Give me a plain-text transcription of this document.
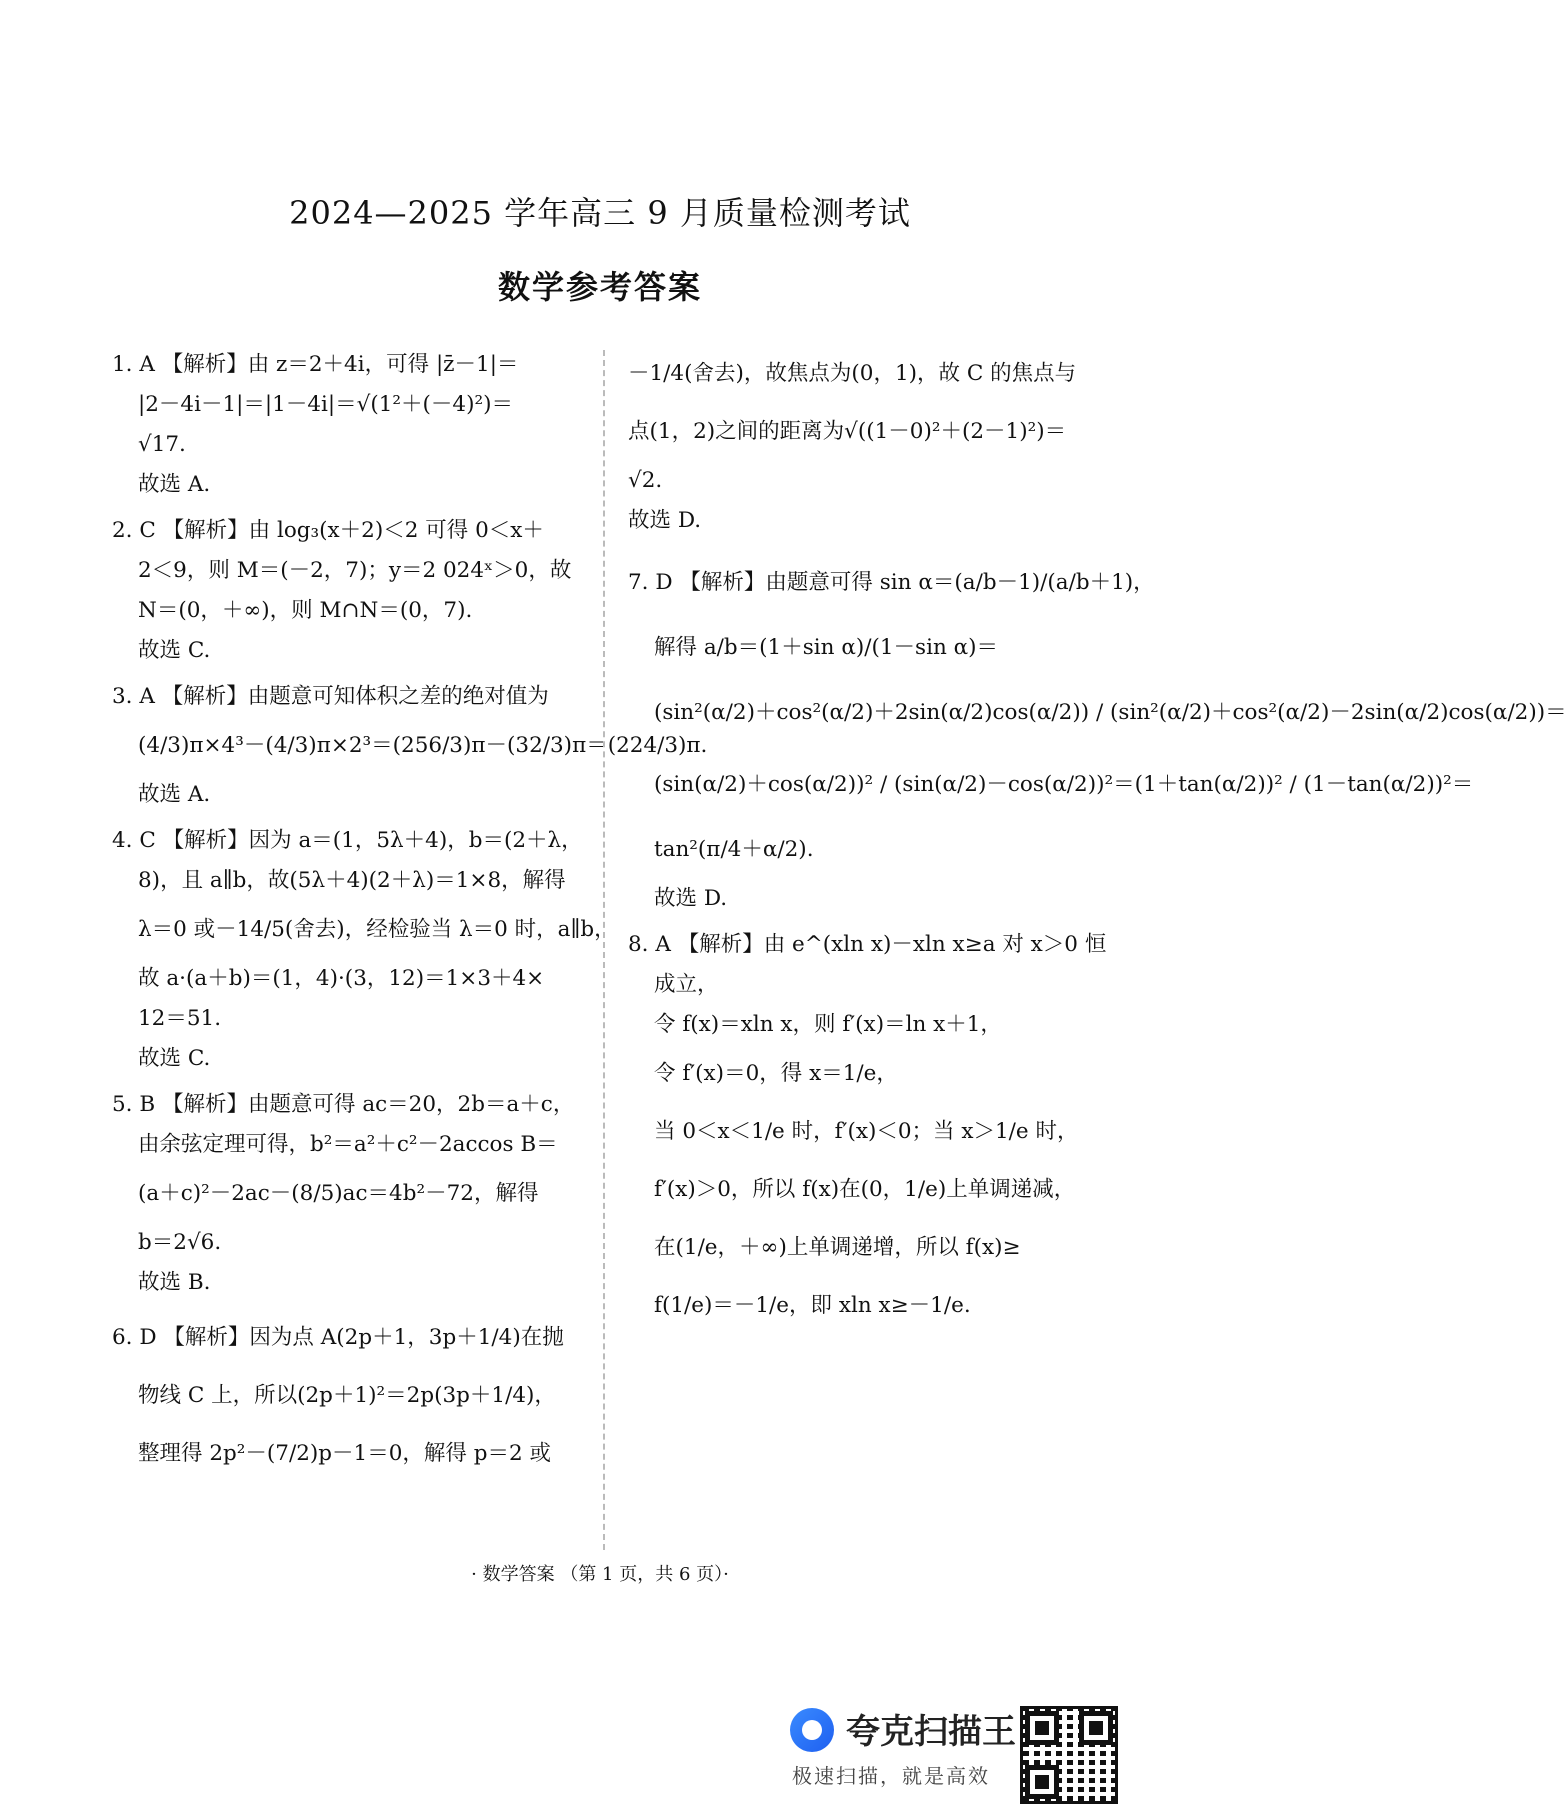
2024—2025 学年高三 9 月质量检测考试
数学参考答案
1. A 【解析】由 z＝2＋4i，可得 |z̄－1|＝
|2－4i－1|＝|1－4i|＝√(1²＋(－4)²)＝
√17.
故选 A.
2. C 【解析】由 log₃(x＋2)＜2 可得 0＜x＋
2＜9，则 M＝(－2，7)；y＝2 024ˣ＞0，故
N＝(0，＋∞)，则 M∩N＝(0，7).
故选 C.
3. A 【解析】由题意可知体积之差的绝对值为
(4/3)π×4³－(4/3)π×2³＝(256/3)π－(32/3)π＝(224/3)π.
故选 A.
4. C 【解析】因为 a＝(1，5λ＋4)，b＝(2＋λ，
8)，且 a∥b，故(5λ＋4)(2＋λ)＝1×8，解得
λ＝0 或－14/5(舍去)，经检验当 λ＝0 时，a∥b，
故 a·(a＋b)＝(1，4)·(3，12)＝1×3＋4×
12＝51.
故选 C.
5. B 【解析】由题意可得 ac＝20，2b＝a＋c，
由余弦定理可得，b²＝a²＋c²－2accos B＝
(a＋c)²－2ac－(8/5)ac＝4b²－72，解得
b＝2√6.
故选 B.
6. D 【解析】因为点 A(2p＋1，3p＋1/4)在抛
物线 C 上，所以(2p＋1)²＝2p(3p＋1/4)，
整理得 2p²－(7/2)p－1＝0，解得 p＝2 或
－1/4(舍去)，故焦点为(0，1)，故 C 的焦点与
点(1，2)之间的距离为√((1－0)²＋(2－1)²)＝
√2.
故选 D.
7. D 【解析】由题意可得 sin α＝(a/b－1)/(a/b＋1)，
解得 a/b＝(1＋sin α)/(1－sin α)＝
(sin²(α/2)＋cos²(α/2)＋2sin(α/2)cos(α/2)) / (sin²(α/2)＋cos²(α/2)－2sin(α/2)cos(α/2))＝
(sin(α/2)＋cos(α/2))² / (sin(α/2)－cos(α/2))²＝(1＋tan(α/2))² / (1－tan(α/2))²＝
tan²(π/4＋α/2).
故选 D.
8. A 【解析】由 e^(xln x)－xln x≥a 对 x＞0 恒
成立，
令 f(x)＝xln x，则 f′(x)＝ln x＋1，
令 f′(x)＝0，得 x＝1/e，
当 0＜x＜1/e 时，f′(x)＜0；当 x＞1/e 时，
f′(x)＞0，所以 f(x)在(0，1/e)上单调递减，
在(1/e，＋∞)上单调递增，所以 f(x)≥
f(1/e)＝－1/e，即 xln x≥－1/e.
· 数学答案 （第 1 页，共 6 页）·
夸克扫描王
极速扫描，就是高效
